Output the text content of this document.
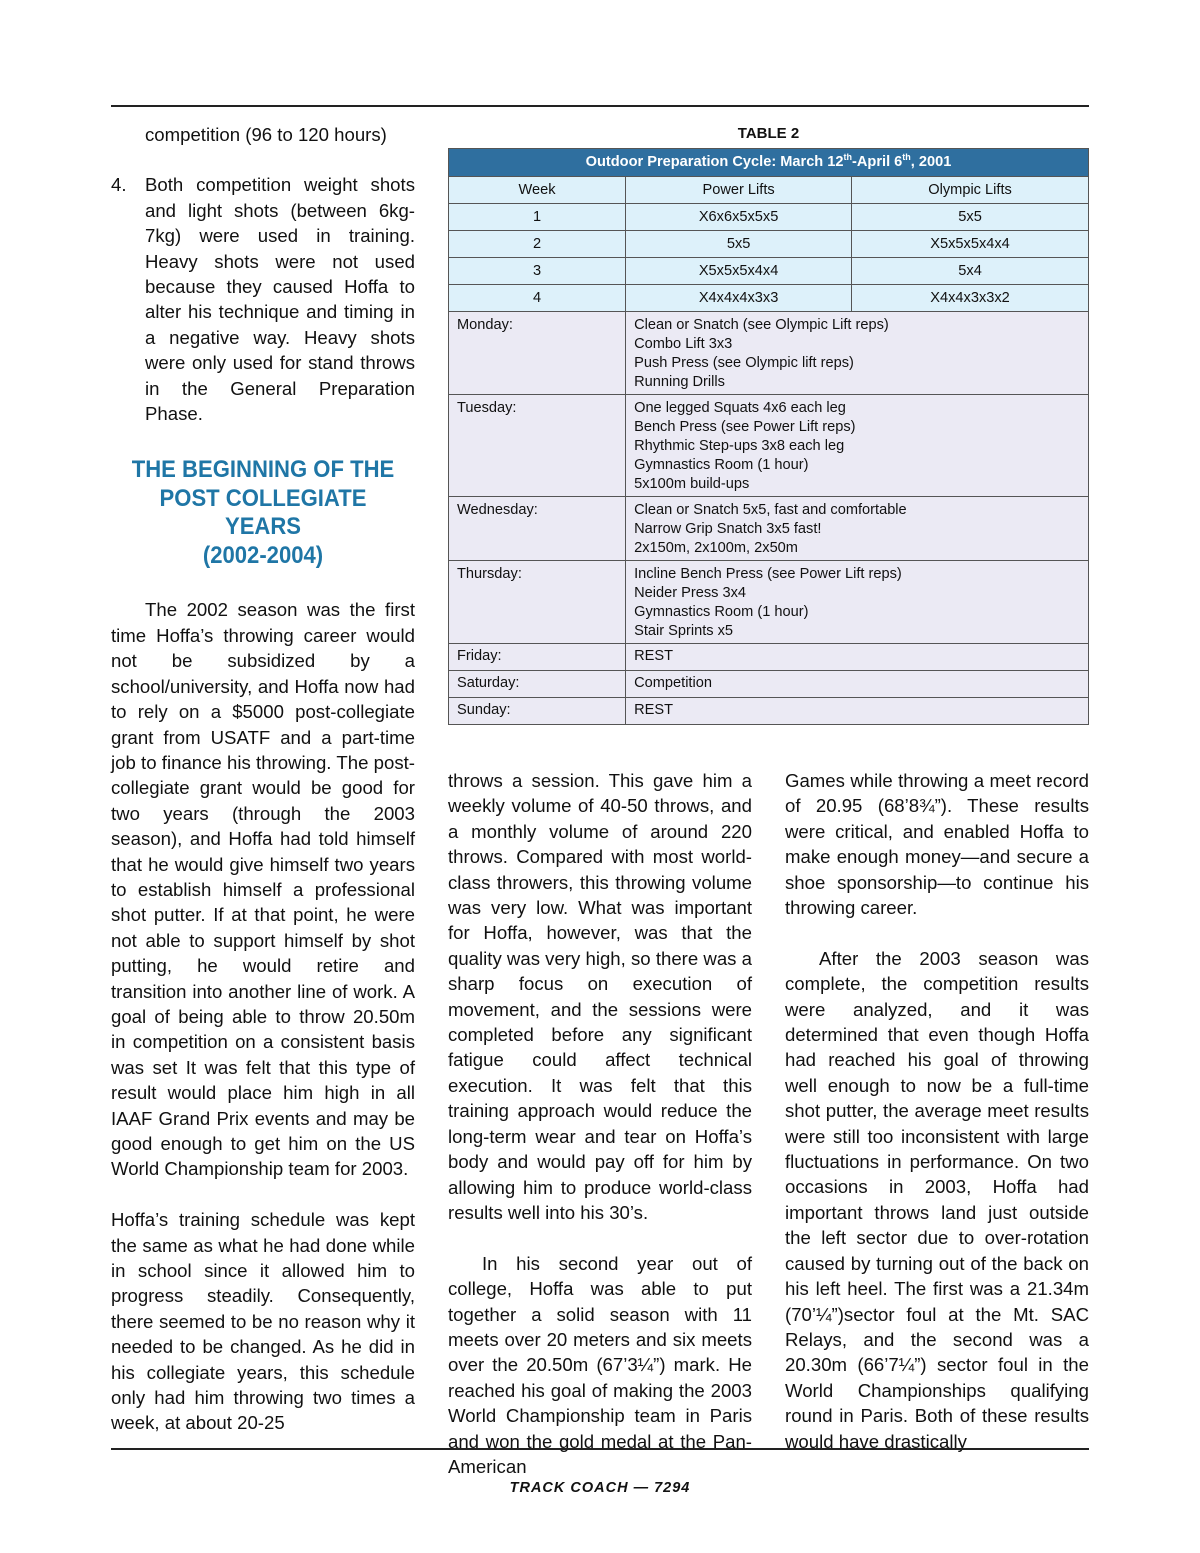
competition (96 to 120 hours)

4. Both competition weight shots and light shots (between 6kg-7kg) were used in training. Heavy shots were not used because they caused Hoffa to alter his technique and timing in a negative way. Heavy shots were only used for stand throws in the General Preparation Phase.

THE BEGINNING OF THE

POST COLLEGIATE YEARS

(2002-2004)

The 2002 season was the first time Hoffa’s throwing career would not be subsidized by a school/university, and Hoffa now had to rely on a $5000 post-collegiate grant from USATF and a part-time job to finance his throwing. The post-collegiate grant would be good for two years (through the 2003 season), and Hoffa had told himself that he would give himself two years to establish himself a professional shot putter. If at that point, he were not able to support himself by shot putting, he would retire and transition into another line of work. A goal of being able to throw 20.50m in competition on a consistent basis was set It was felt that this type of result would place him high in all IAAF Grand Prix events and may be good enough to get him on the US World Championship team for 2003.

Hoffa’s training schedule was kept the same as what he had done while in school since it allowed him to progress steadily. Consequently, there seemed to be no reason why it needed to be changed. As he did in his collegiate years, this schedule only had him throwing two times a week, at about 20-25

TABLE 2
Outdoor Preparation Cycle: March 12th-April 6th, 2001		
Week	Power Lifts	Olympic Lifts
1	X6x6x5x5x5	5x5
2	5x5	X5x5x5x4x4
3	X5x5x5x4x4	5x4
4	X4x4x4x3x3	X4x4x3x3x2
Monday:	Clean or Snatch (see Olympic Lift reps)
Combo Lift 3x3
Push Press (see Olympic lift reps)
Running Drills	

Tuesday:	One legged Squats 4x6 each leg
Bench Press (see Power Lift reps)
Rhythmic Step-ups 3x8 each leg
Gymnastics Room (1 hour)
5x100m build-ups	

Wednesday:	Clean or Snatch 5x5, fast and comfortable
Narrow Grip Snatch 3x5 fast!
2x150m, 2x100m, 2x50m	

Thursday:	Incline Bench Press (see Power Lift reps)
Neider Press 3x4
Gymnastics Room (1 hour)
Stair Sprints x5	

Friday:	REST	
Saturday:	Competition	
Sunday:	REST	

throws a session. This gave him a weekly volume of 40-50 throws, and a monthly volume of around 220 throws. Compared with most world-class throwers, this throwing volume was very low. What was important for Hoffa, however, was that the quality was very high, so there was a sharp focus on execution of movement, and the sessions were completed before any significant fatigue could affect technical execution. It was felt that this training approach would reduce the long-term wear and tear on Hoffa’s body and would pay off for him by allowing him to produce world-class results well into his 30’s.

In his second year out of college, Hoffa was able to put together a solid season with 11 meets over 20 meters and six meets over the 20.50m (67’3¼”) mark. He reached his goal of making the 2003 World Championship team in Paris and won the gold medal at the Pan-American

Games while throwing a meet record of 20.95 (68’8¾”). These results were critical, and enabled Hoffa to make enough money—and secure a shoe sponsorship—to continue his throwing career.

After the 2003 season was complete, the competition results were analyzed, and it was determined that even though Hoffa had reached his goal of throwing well enough to now be a full-time shot putter, the average meet results were still too inconsistent with large fluctuations in performance. On two occasions in 2003, Hoffa had important throws land just outside the left sector due to over-rotation caused by turning out of the back on his left heel. The first was a 21.34m (70’¼”)sector foul at the Mt. SAC Relays, and the second was a 20.30m (66’7¼”) sector foul in the World Championships qualifying round in Paris. Both of these results would have drastically

TRACK COACH — 7294
